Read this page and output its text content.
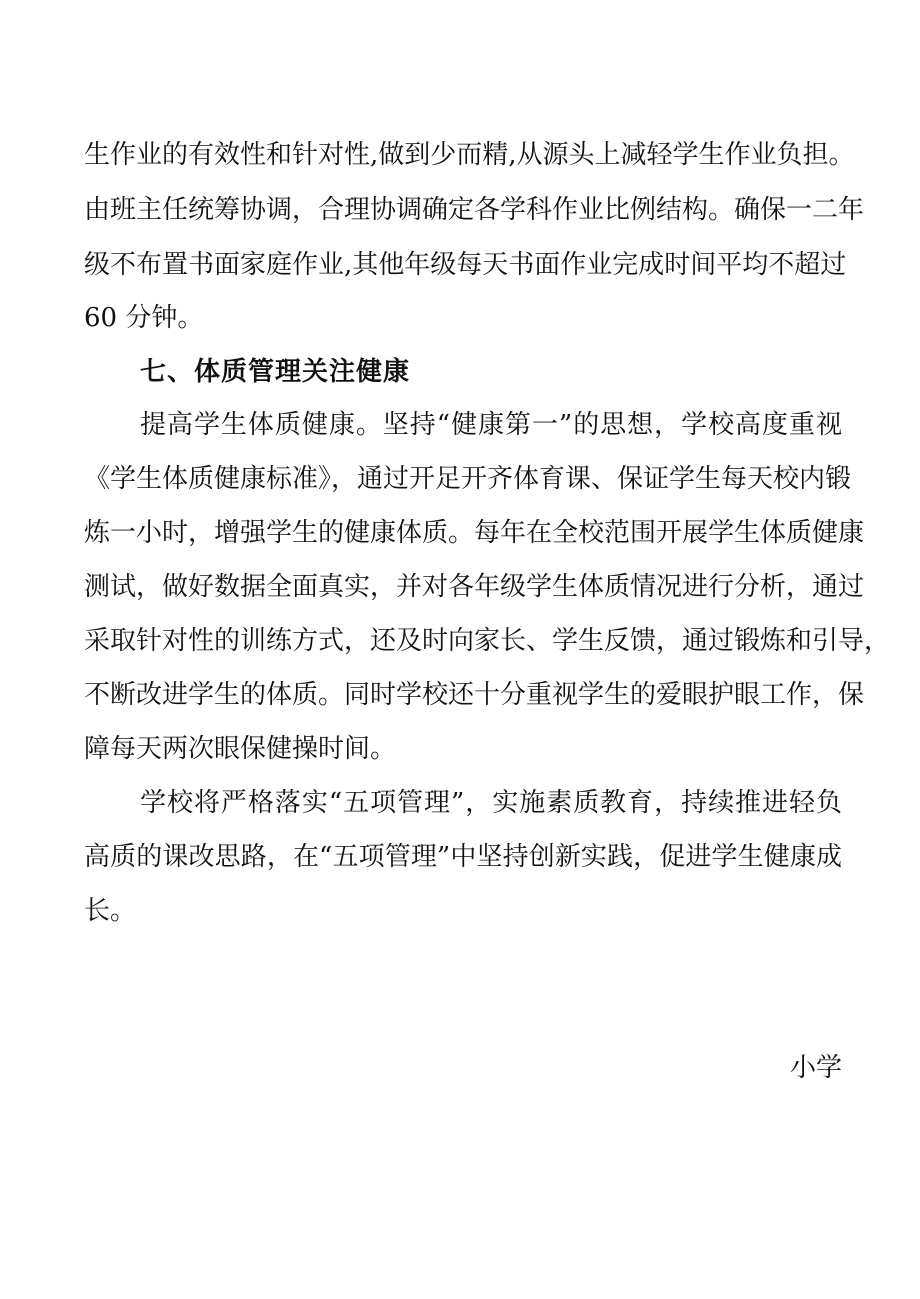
生作业的有效性和针对性,做到少而精,从源头上减轻学生作业负担。
由班主任统筹协调，合理协调确定各学科作业比例结构。确保一二年
级不布置书面家庭作业,其他年级每天书面作业完成时间平均不超过
60 分钟。
七、体质管理关注健康
提高学生体质健康。坚持“健康第一”的思想，学校高度重视
《学生体质健康标准》，通过开足开齐体育课、保证学生每天校内锻
炼一小时，增强学生的健康体质。每年在全校范围开展学生体质健康
测试，做好数据全面真实，并对各年级学生体质情况进行分析，通过
采取针对性的训练方式，还及时向家长、学生反馈，通过锻炼和引导，
不断改进学生的体质。同时学校还十分重视学生的爱眼护眼工作，保
障每天两次眼保健操时间。
学校将严格落实“五项管理”，实施素质教育，持续推进轻负
高质的课改思路，在“五项管理”中坚持创新实践，促进学生健康成
长。
小学
